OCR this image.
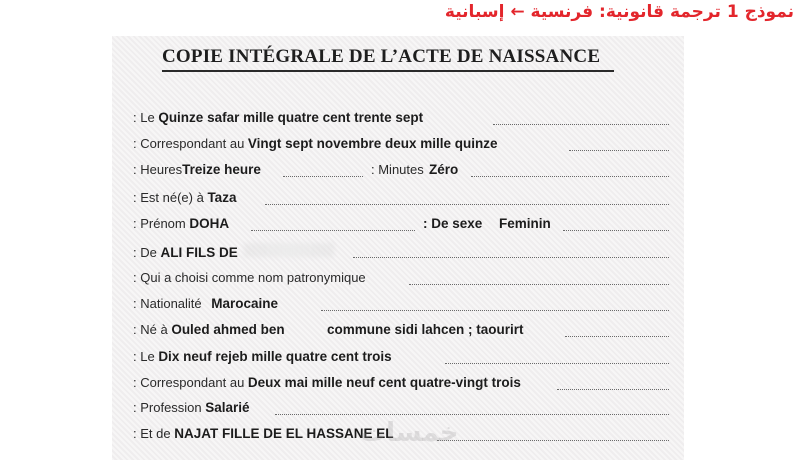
نموذج 1 ترجمة قانونية: فرنسية ← إسبانية
COPIE INTÉGRALE DE L’ACTE DE NAISSANCE
: Le Quinze safar mille quatre cent trente sept
: Correspondant au Vingt sept novembre deux mille quinze
: HeuresTreize heure	: Minutes Zéro
: Est né(e) à Taza
: Prénom DOHA	: De sexe Feminin
: De ALI FILS DE
: Qui a choisi comme nom patronymique
: Nationalité Marocaine
: Né à Ouled ahmed ben	commune sidi lahcen ; taourirt
: Le Dix neuf rejeb mille quatre cent trois
: Correspondant au Deux mai mille neuf cent quatre-vingt trois
: Profession Salarié
: Et de NAJAT FILLE DE EL HASSANE EL
خمسات
